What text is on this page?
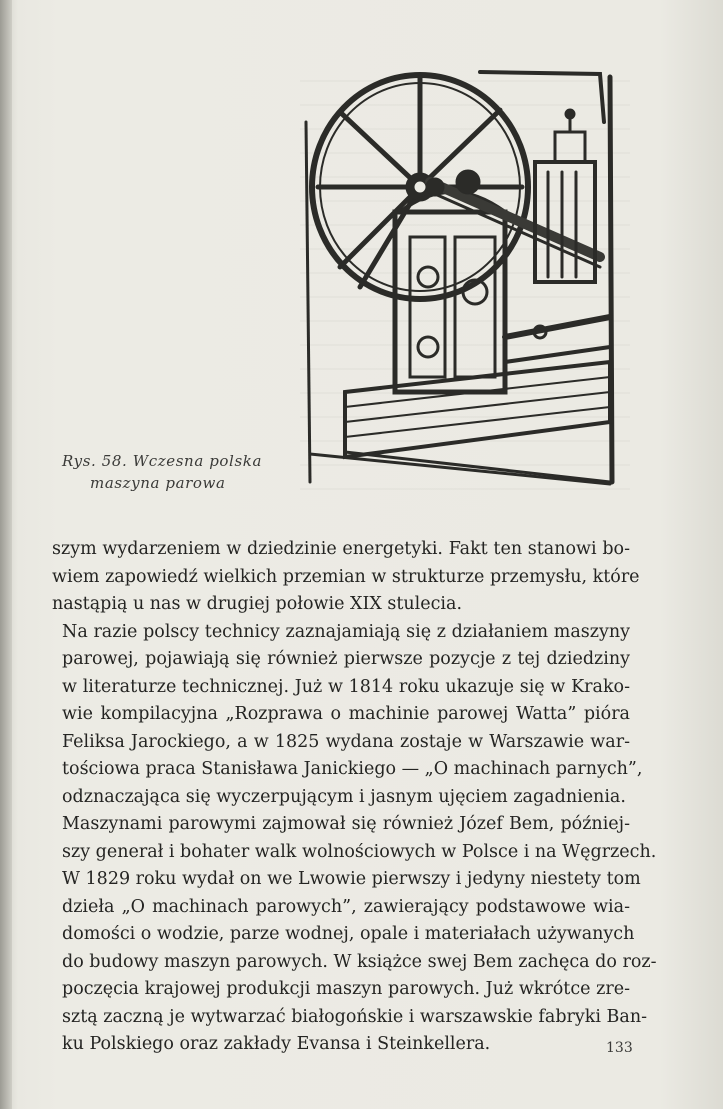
Rys. 58. Wczesna polska
maszyna parowa

szym wydarzeniem w dziedzinie energetyki. Fakt ten stanowi bo-
wiem zapowiedź wielkich przemian w strukturze przemysłu, które
nastąpią u nas w drugiej połowie XIX stulecia.

Na razie polscy technicy zaznajamiają się z działaniem maszyny
parowej, pojawiają się również pierwsze pozycje z tej dziedziny
w literaturze technicznej. Już w 1814 roku ukazuje się w Krako-
wie kompilacyjna „Rozprawa o machinie parowej Watta” pióra
Feliksa Jarockiego, a w 1825 wydana zostaje w Warszawie war-
tościowa praca Stanisława Janickiego — „O machinach parnych”,
odznaczająca się wyczerpującym i jasnym ujęciem zagadnienia.

Maszynami parowymi zajmował się również Józef Bem, później-
szy generał i bohater walk wolnościowych w Polsce i na Węgrzech.
W 1829 roku wydał on we Lwowie pierwszy i jedyny niestety tom
dzieła „O machinach parowych”, zawierający podstawowe wia-
domości o wodzie, parze wodnej, opale i materiałach używanych
do budowy maszyn parowych. W książce swej Bem zachęca do roz-
poczęcia krajowej produkcji maszyn parowych. Już wkrótce zre-
sztą zaczną je wytwarzać białogońskie i warszawskie fabryki Ban-
ku Polskiego oraz zakłady Evansa i Steinkellera.	133
